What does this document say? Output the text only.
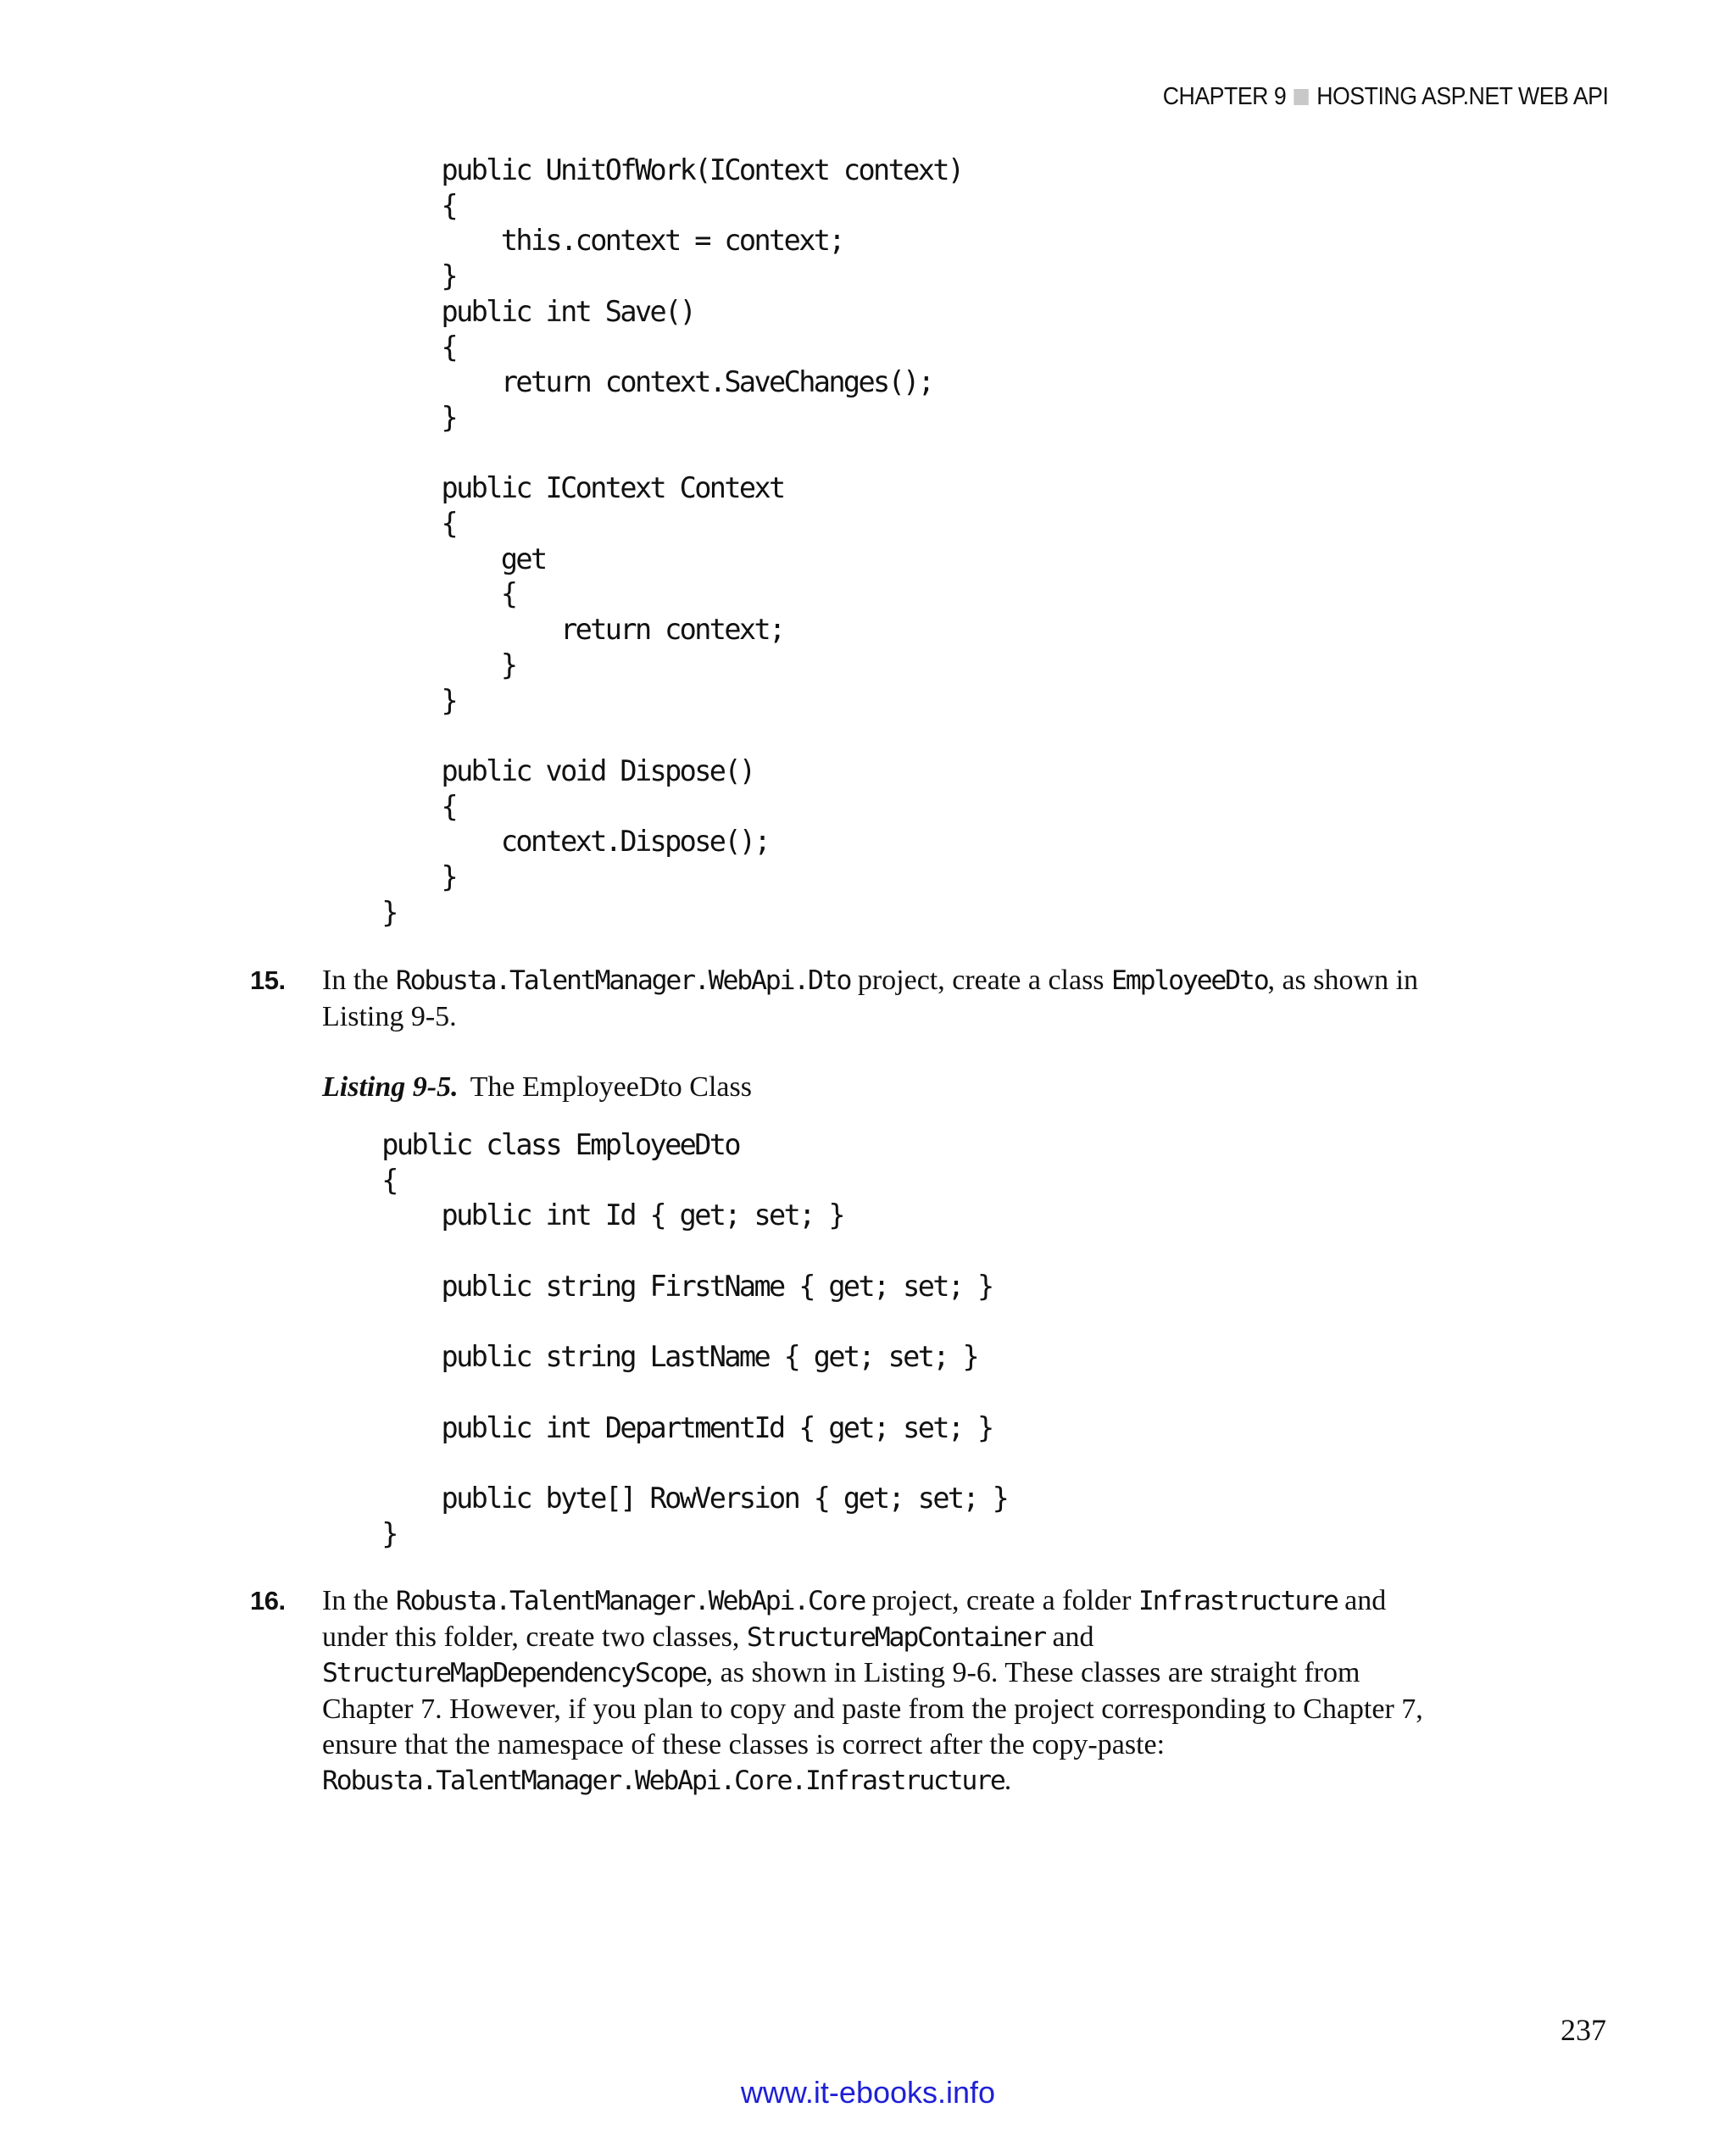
CHAPTER 9 HOSTING ASP.NET WEB API
public UnitOfWork(IContext context)
{
this.context = context;
}
public int Save()
{
return context.SaveChanges();
}

public IContext Context
{
get
{
return context;
}
}

public void Dispose()
{
context.Dispose();
}
}
15. In the Robusta.TalentManager.WebApi.Dto project, create a class EmployeeDto, as shown in Listing 9-5.
Listing 9-5. The EmployeeDto Class
public class EmployeeDto
{
public int Id { get; set; }

public string FirstName { get; set; }

public string LastName { get; set; }

public int DepartmentId { get; set; }

public byte[] RowVersion { get; set; }
}
16. In the Robusta.TalentManager.WebApi.Core project, create a folder Infrastructure and under this folder, create two classes, StructureMapContainer and StructureMapDependencyScope, as shown in Listing 9-6. These classes are straight from Chapter 7. However, if you plan to copy and paste from the project corresponding to Chapter 7, ensure that the namespace of these classes is correct after the copy-paste: Robusta.TalentManager.WebApi.Core.Infrastructure.
237
www.it-ebooks.info
